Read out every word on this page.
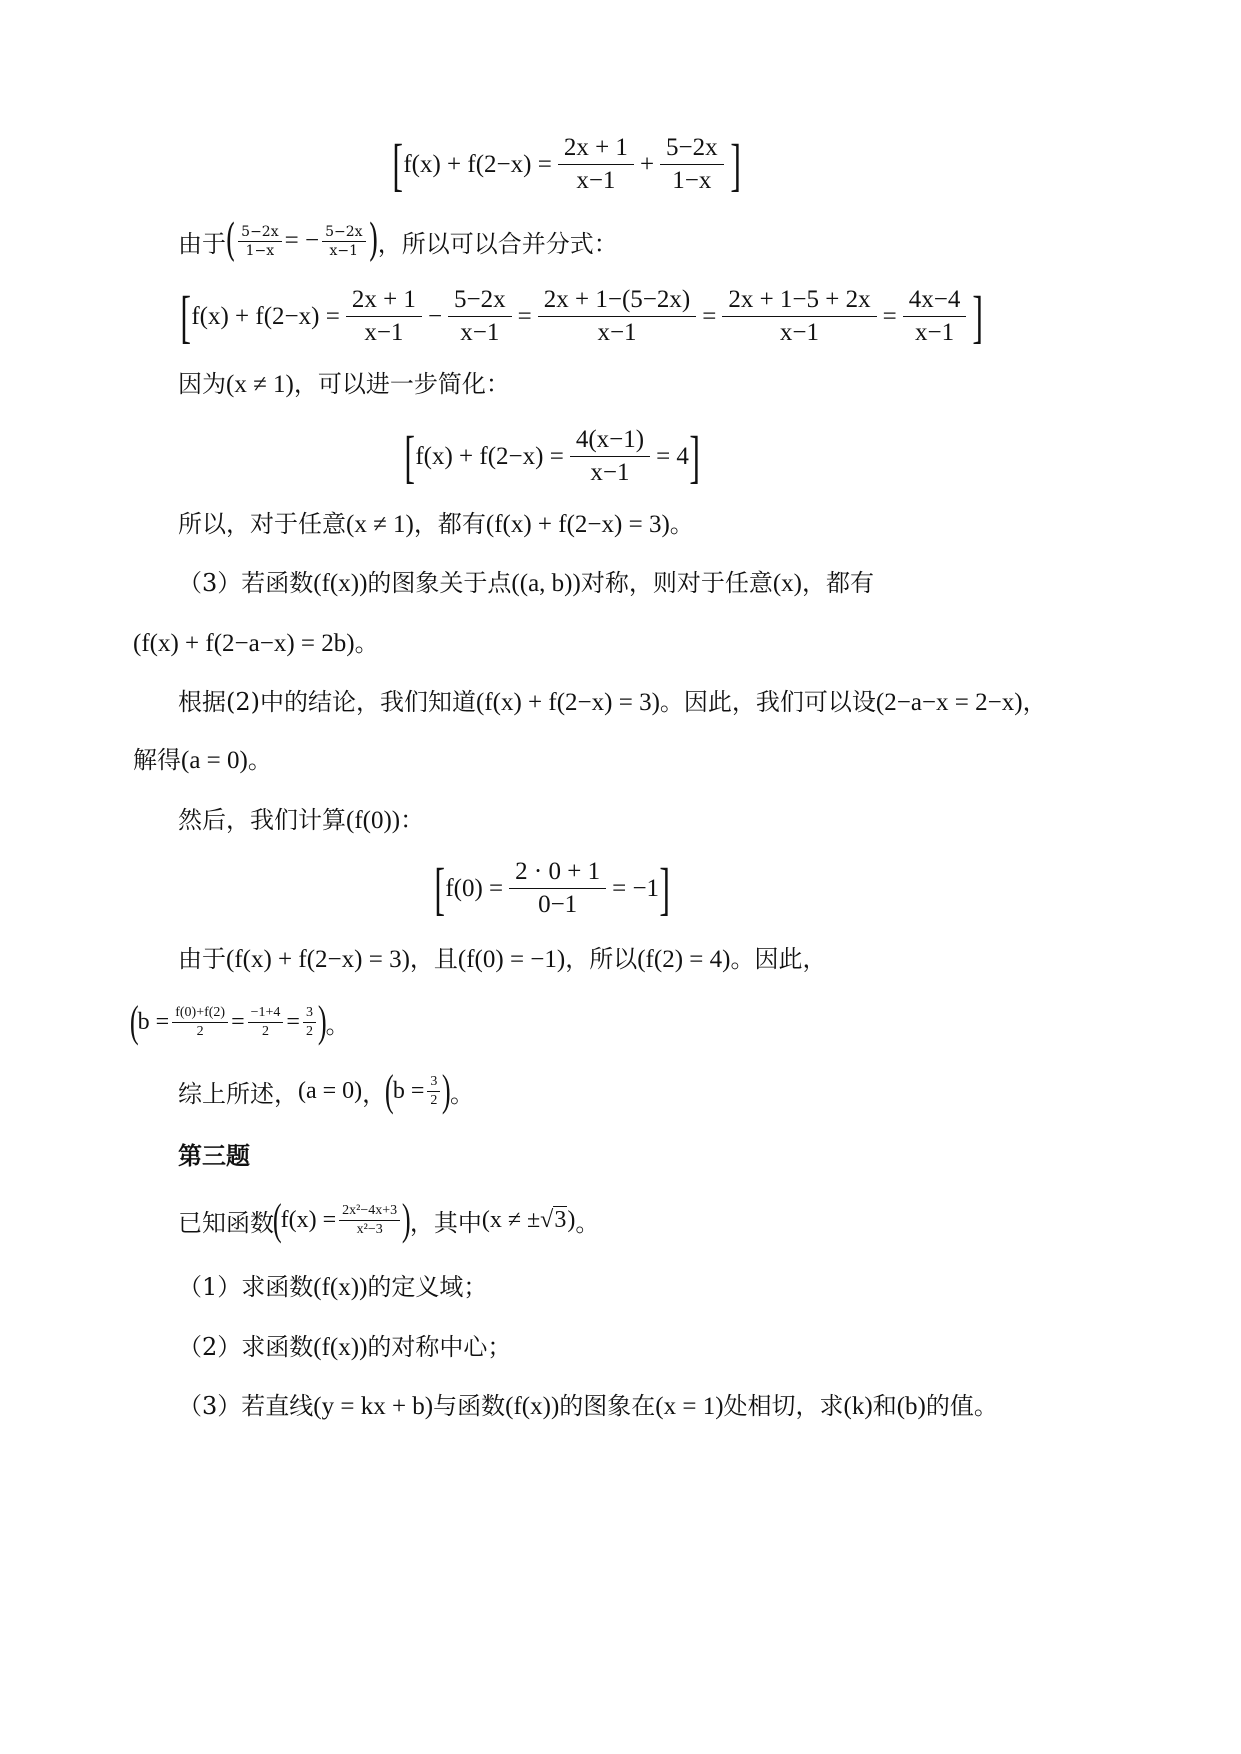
[ $f(x) + f(2-x) = \frac{2x + 1}{x-1} + \frac{5-2x}{1-x}$ ]
由于 ( $\frac{5-2x}{1-x}$ = − $\frac{5-2x}{x-1}$ ) ，所以可以合并分式：
[ $f(x) + f(2-x) = \frac{2x + 1}{x-1} - \frac{5-2x}{x-1} = \frac{2x + 1-(5-2x)}{x-1} = \frac{2x + 1-5 + 2x}{x-1} = \frac{4x-4}{x-1}$ ]
因为(x ≠ 1)，可以进一步简化：
[ $f(x) + f(2-x) = \frac{4(x-1)}{x-1} = 4$ ]
所以，对于任意(x ≠ 1)，都有(f(x) + f(2−x) = 3)。
（3）若函数(f(x))的图象关于点((a, b))对称，则对于任意(x)，都有
(f(x) + f(2−a−x) = 2b)。
根据(2)中的结论，我们知道(f(x) + f(2−x) = 3)。因此，我们可以设(2−a−x = 2−x)，
解得(a = 0)。
然后，我们计算(f(0))：
[ $f(0) = \frac{2 \cdot 0 + 1}{0-1} = -1$ ]
由于(f(x) + f(2−x) = 3)，且(f(0) = −1)，所以(f(2) = 4)。因此，
(
$b = \frac{f(0)+f(2)}{2} = \frac{-1+4}{2} = \frac{3}{2}$ )
。
综上所述， (a = 0) ，
(
$b = \frac{3}{2}$ )
。
第三题
已知函数
(
$f(x) = \frac{\text{2x²−4x+3}}{\text{x²−3}}$ )
，其中 (x ≠ ± √ 3 ) 。
（1）求函数(f(x))的定义域；
（2）求函数(f(x))的对称中心；
（3）若直线(y = kx + b)与函数(f(x))的图象在(x = 1)处相切，求(k)和(b)的值。
